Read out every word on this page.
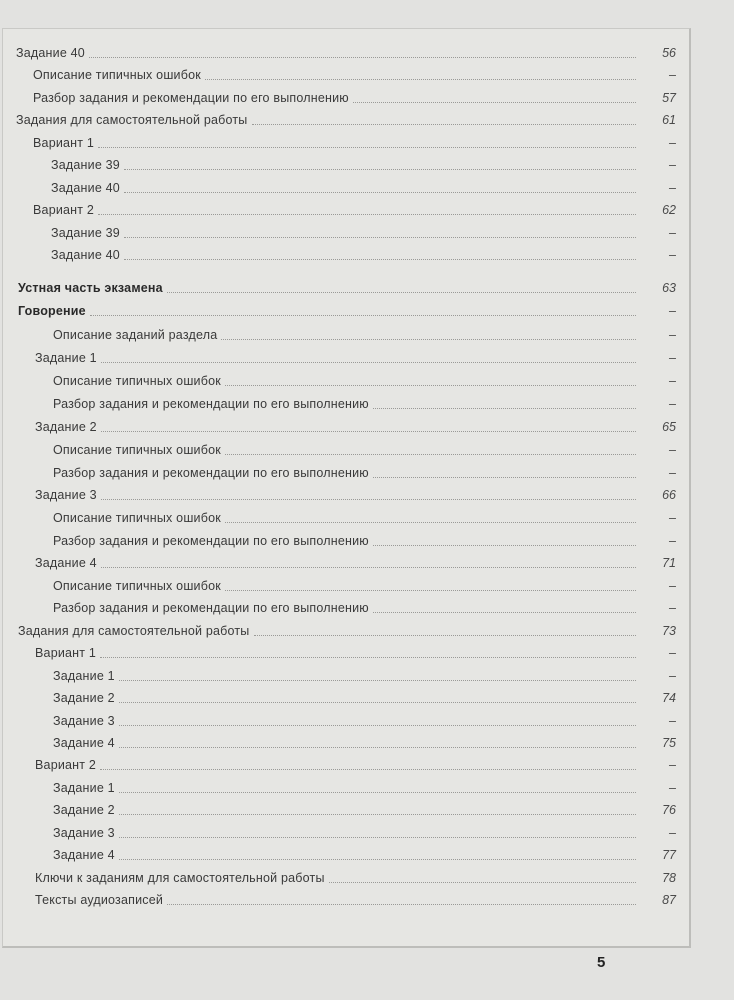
Задание 40	56
Описание типичных ошибок	–
Разбор задания и рекомендации по его выполнению	57
Задания для самостоятельной работы	61
Вариант 1	–
Задание 39	–
Задание 40	–
Вариант 2	62
Задание 39	–
Задание 40	–
Устная часть экзамена	63
Говорение	–
Описание заданий раздела	–
Задание 1	–
Описание типичных ошибок	–
Разбор задания и рекомендации по его выполнению	–
Задание 2	65
Описание типичных ошибок	–
Разбор задания и рекомендации по его выполнению	–
Задание 3	66
Описание типичных ошибок	–
Разбор задания и рекомендации по его выполнению	–
Задание 4	71
Описание типичных ошибок	–
Разбор задания и рекомендации по его выполнению	–
Задания для самостоятельной работы	73
Вариант 1	–
Задание 1	–
Задание 2	74
Задание 3	–
Задание 4	75
Вариант 2	–
Задание 1	–
Задание 2	76
Задание 3	–
Задание 4	77
Ключи к заданиям для самостоятельной работы	78
Тексты аудиозаписей	87
5
